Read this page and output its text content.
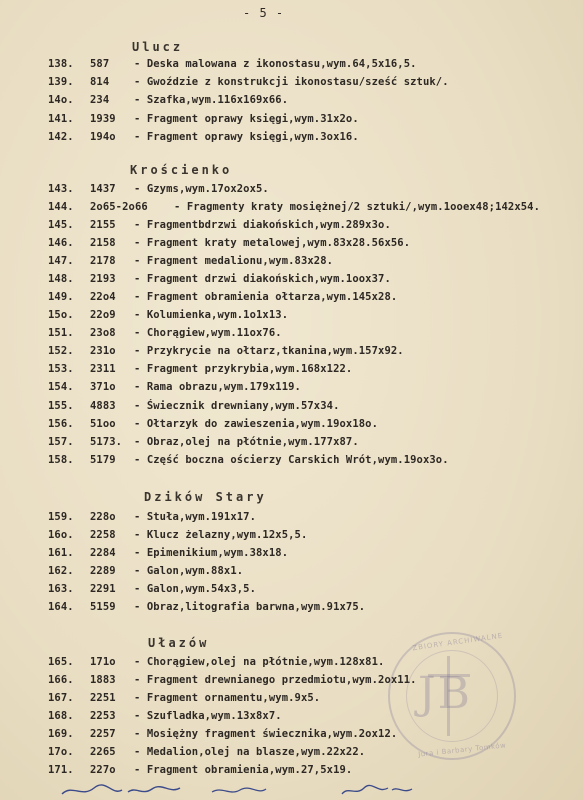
- 5 -
Ulucz
138. 587 - Deska malowana z ikonostasu,wym.64,5x16,5.
139. 814 - Gwoździe z konstrukcji ikonostasu/sześć sztuk/.
14o. 234 - Szafka,wym.116x169x66.
141. 1939 - Fragment oprawy księgi,wym.31x2o.
142. 194o - Fragment oprawy księgi,wym.3ox16.
Krościenko
143. 1437 - Gzyms,wym.17ox2ox5.
144. 2o65-2o66 - Fragmenty kraty mosiężnej/2 sztuki/,wym.1ooex48;142x54.
145. 2155 - Fragmentbdrzwi diakońskich,wym.289x3o.
146. 2158 - Fragment kraty metalowej,wym.83x28.56x56.
147. 2178 - Fragment medalionu,wym.83x28.
148. 2193 - Fragment drzwi diakońskich,wym.1oox37.
149. 22o4 - Fragment obramienia ołtarza,wym.145x28.
15o. 22o9 - Kolumienka,wym.1o1x13.
151. 23o8 - Chorągiew,wym.11ox76.
152. 231o - Przykrycie na ołtarz,tkanina,wym.157x92.
153. 2311 - Fragment przykrybia,wym.168x122.
154. 371o - Rama obrazu,wym.179x119.
155. 4883 - Świecznik drewniany,wym.57x34.
156. 51oo - Ołtarzyk do zawieszenia,wym.19ox18o.
157. 5173. - Obraz,olej na płótnie,wym.177x87.
158. 5179 - Część boczna ościerzy Carskich Wrót,wym.19ox3o.
Dzików Stary
159. 228o - Stuła,wym.191x17.
16o. 2258 - Klucz żelazny,wym.12x5,5.
161. 2284 - Epimenikium,wym.38x18.
162. 2289 - Galon,wym.88x1.
163. 2291 - Galon,wym.54x3,5.
164. 5159 - Obraz,litografia barwna,wym.91x75.
Ułazów
165. 171o - Chorągiew,olej na płótnie,wym.128x81.
166. 1883 - Fragment drewnianego przedmiotu,wym.2ox11.
167. 2251 - Fragment ornamentu,wym.9x5.
168. 2253 - Szufladka,wym.13x8x7.
169. 2257 - Mosiężny fragment świecznika,wym.2ox12.
17o. 2265 - Medalion,olej na blasze,wym.22x22.
171. 227o - Fragment obramienia,wym.27,5x19.
ZBIORY ARCHIWALNE
JB
Jura i Barbary Tomków
